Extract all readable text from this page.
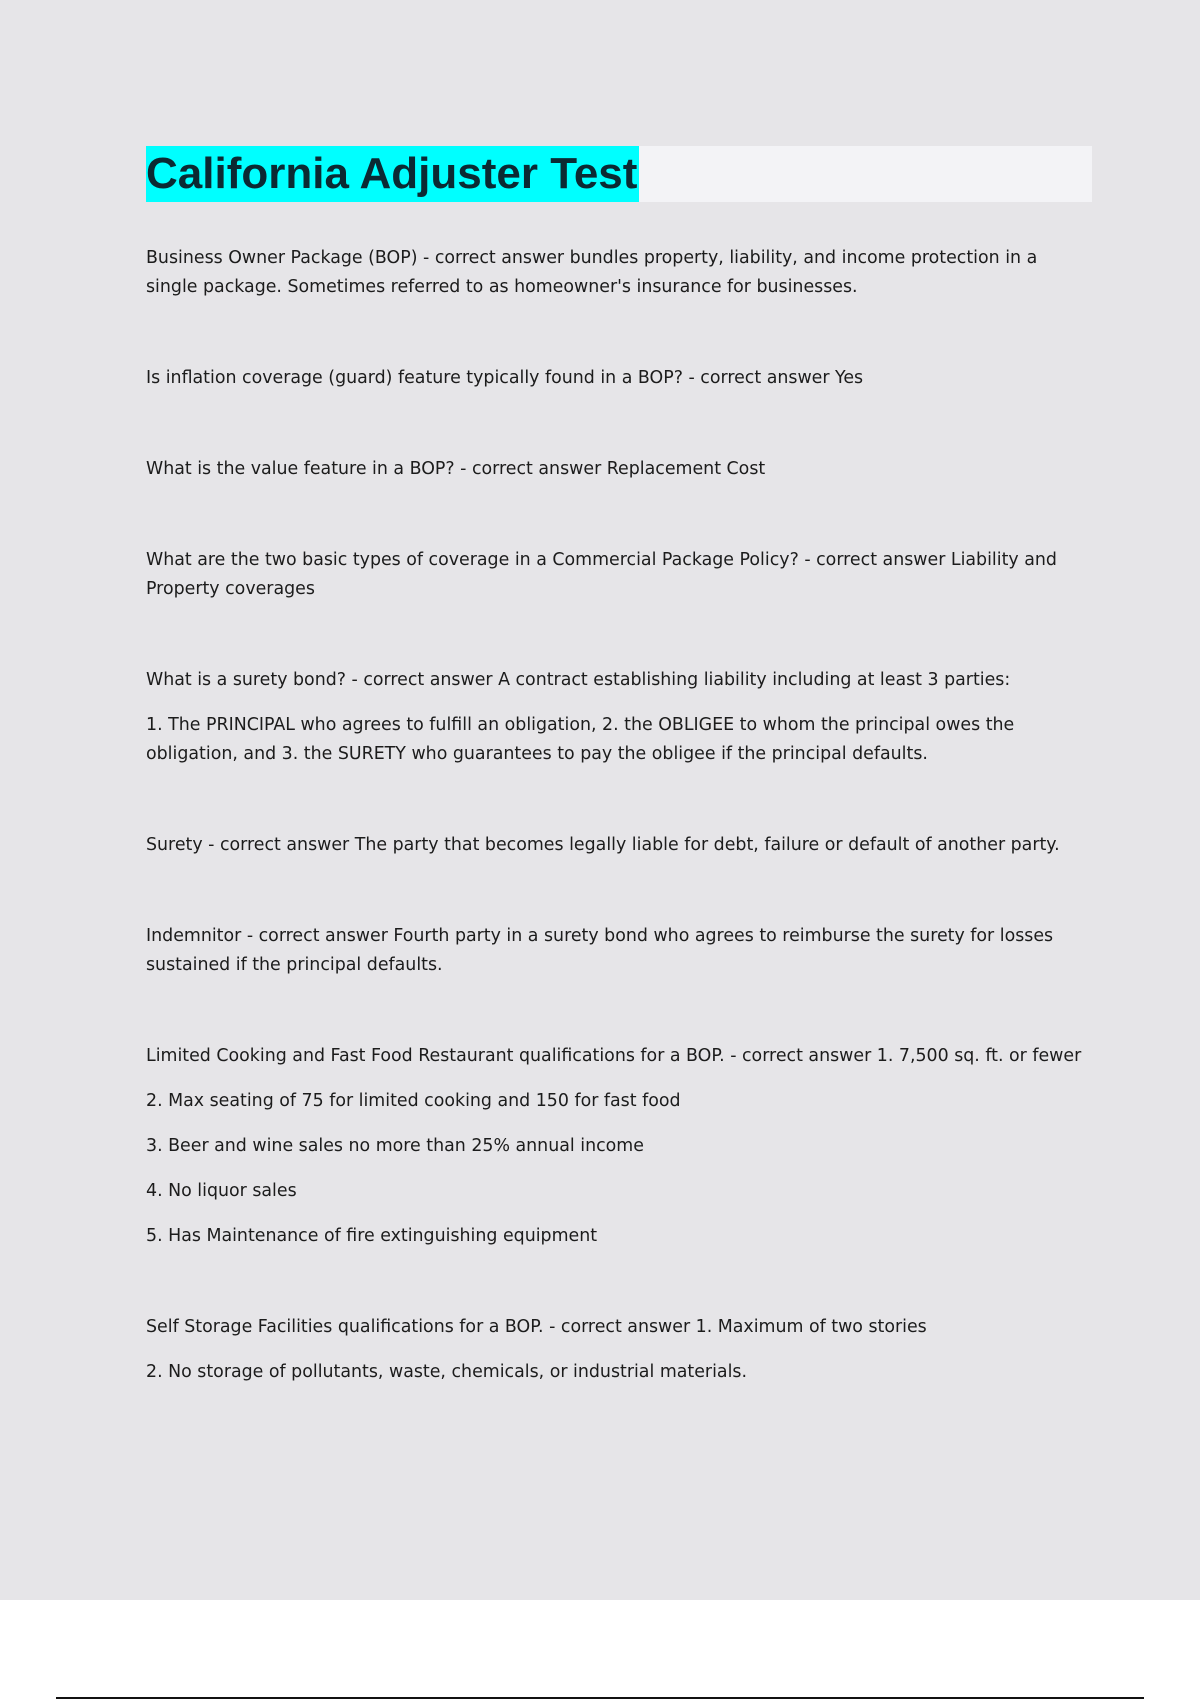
California Adjuster Test

Business Owner Package (BOP) - correct answer bundles property, liability, and income protection in a single package. Sometimes referred to as homeowner's insurance for businesses.

Is inflation coverage (guard) feature typically found in a BOP? - correct answer Yes

What is the value feature in a BOP? - correct answer Replacement Cost

What are the two basic types of coverage in a Commercial Package Policy? - correct answer Liability and Property coverages

What is a surety bond? - correct answer A contract establishing liability including at least 3 parties:

1. The PRINCIPAL who agrees to fulfill an obligation, 2. the OBLIGEE to whom the principal owes the obligation, and 3. the SURETY who guarantees to pay the obligee if the principal defaults.

Surety - correct answer The party that becomes legally liable for debt, failure or default of another party.

Indemnitor - correct answer Fourth party in a surety bond who agrees to reimburse the surety for losses sustained if the principal defaults.

Limited Cooking and Fast Food Restaurant qualifications for a BOP. - correct answer 1. 7,500 sq. ft. or fewer

2. Max seating of 75 for limited cooking and 150 for fast food

3. Beer and wine sales no more than 25% annual income

4. No liquor sales

5. Has Maintenance of fire extinguishing equipment

Self Storage Facilities qualifications for a BOP. - correct answer 1. Maximum of two stories

2. No storage of pollutants, waste, chemicals, or industrial materials.
